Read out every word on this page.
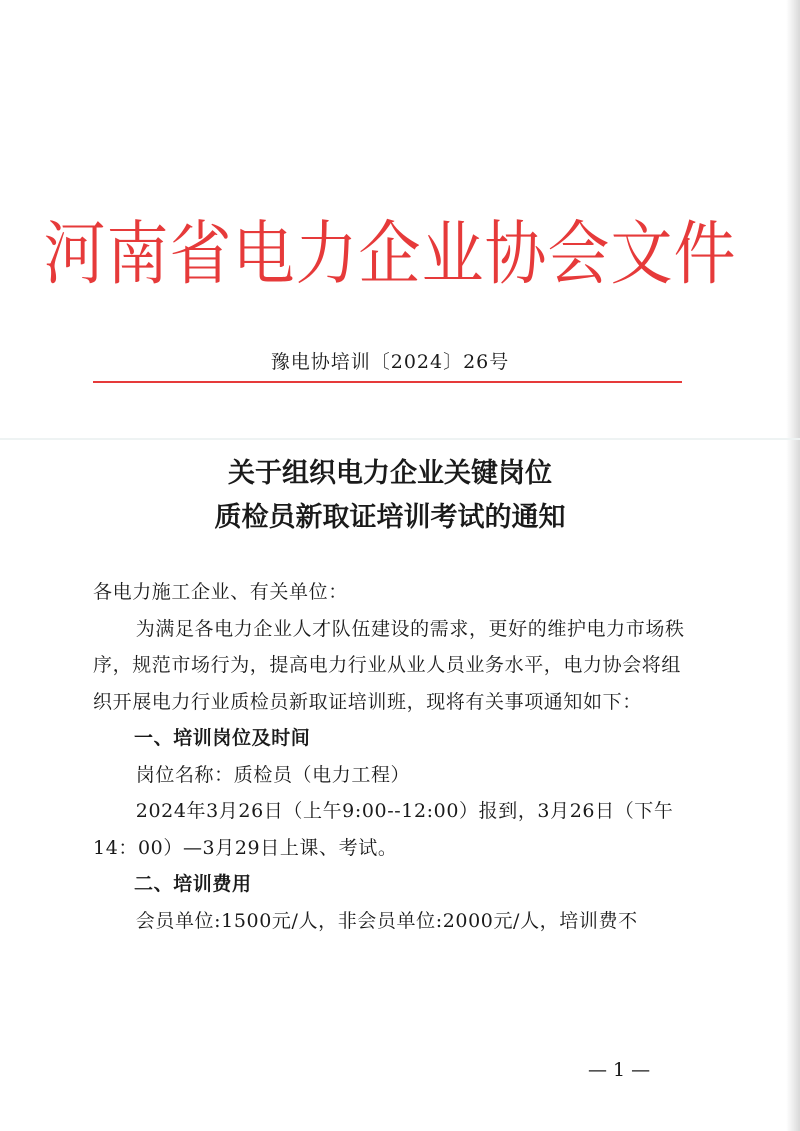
河南省电力企业协会文件
豫电协培训〔2024〕26号
关于组织电力企业关键岗位
质检员新取证培训考试的通知

各电力施工企业、有关单位：

为满足各电力企业人才队伍建设的需求，更好的维护电力市场秩序，规范市场行为，提高电力行业从业人员业务水平，电力协会将组织开展电力行业质检员新取证培训班，现将有关事项通知如下：

一、培训岗位及时间

岗位名称：质检员（电力工程）

2024年3月26日（上午9:00--12:00）报到，3月26日（下午14：00）—3月29日上课、考试。

二、培训费用

会员单位:1500元/人，非会员单位:2000元/人，培训费不

— 1 —
